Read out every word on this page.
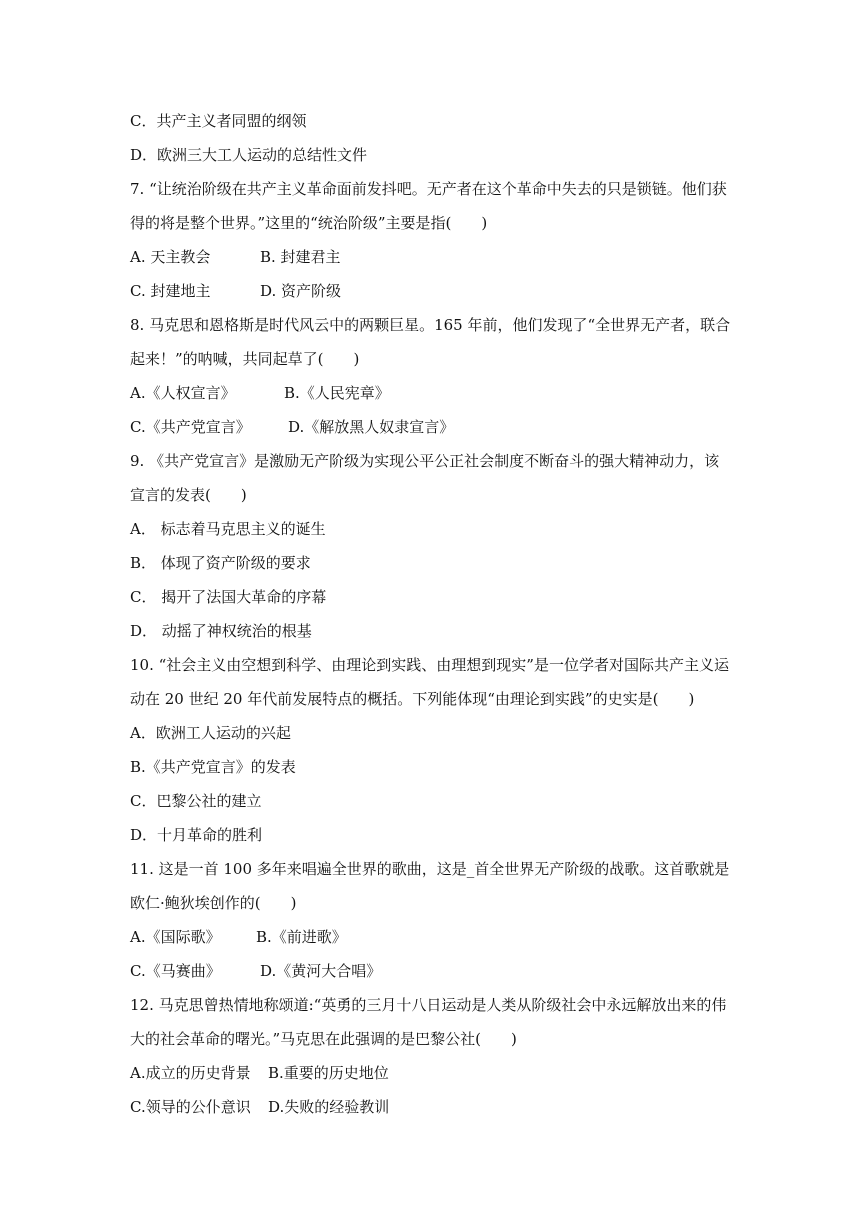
C．共产主义者同盟的纲领
D．欧洲三大工人运动的总结性文件
7. “让统治阶级在共产主义革命面前发抖吧。无产者在这个革命中失去的只是锁链。他们获
得的将是整个世界。”这里的“统治阶级”主要是指(　　)
A. 天主教会	B. 封建君主
C. 封建地主	D. 资产阶级
8. 马克思和恩格斯是时代风云中的两颗巨星。165 年前，他们发现了“全世界无产者，联合
起来！”的呐喊，共同起草了(　　)
A.《人权宣言》	B.《人民宪章》
C.《共产党宣言》 D.《解放黑人奴隶宣言》
9. 《共产党宣言》是激励无产阶级为实现公平公正社会制度不断奋斗的强大精神动力，该
宣言的发表(　　)
A． 标志着马克思主义的诞生
B． 体现了资产阶级的要求
C． 揭开了法国大革命的序幕
D． 动摇了神权统治的根基
10. “社会主义由空想到科学、由理论到实践、由理想到现实”是一位学者对国际共产主义运
动在 20 世纪 20 年代前发展特点的概括。下列能体现“由理论到实践”的史实是(　　)
A．欧洲工人运动的兴起
B.《共产党宣言》的发表
C．巴黎公社的建立
D．十月革命的胜利
11. 这是一首 100 多年来唱遍全世界的歌曲，这是_首全世界无产阶级的战歌。这首歌就是
欧仁·鲍狄埃创作的(　　)
A.《国际歌》 B.《前进歌》
C.《马赛曲》	D.《黄河大合唱》
12. 马克思曾热情地称颂道:“英勇的三月十八日运动是人类从阶级社会中永远解放出来的伟
大的社会革命的曙光。”马克思在此强调的是巴黎公社(　　)
A.成立的历史背景 B.重要的历史地位
C.领导的公仆意识 D.失败的经验教训
